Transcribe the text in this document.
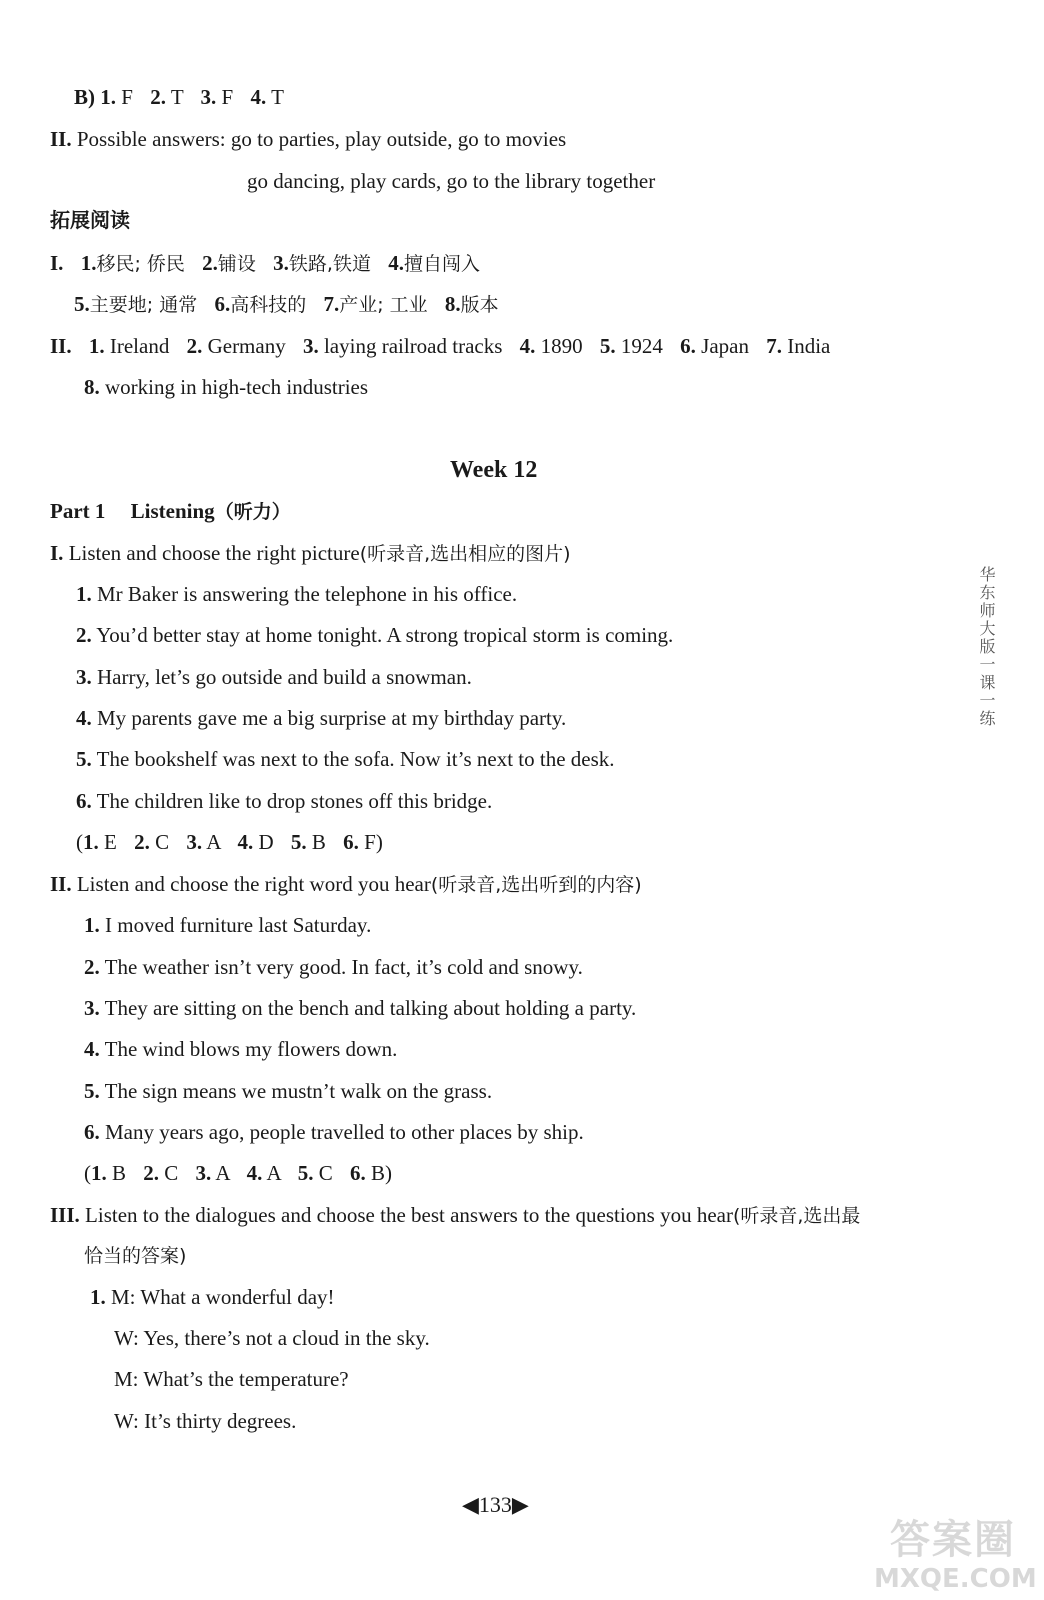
B) 1. F 2. T 3. F 4. T
II. Possible answers: go to parties, play outside, go to movies
go dancing, play cards, go to the library together
拓展阅读
I. 1.移民; 侨民 2.铺设 3.铁路,铁道 4.擅自闯入
5.主要地; 通常 6.高科技的 7.产业; 工业 8.版本
II. 1. Ireland 2. Germany 3. laying railroad tracks 4. 1890 5. 1924 6. Japan 7. India
8. working in high-tech industries
Week 12
Part 1 Listening（听力）
I. Listen and choose the right picture(听录音,选出相应的图片)
1. Mr Baker is answering the telephone in his office.
2. You’d better stay at home tonight. A strong tropical storm is coming.
3. Harry, let’s go outside and build a snowman.
4. My parents gave me a big surprise at my birthday party.
5. The bookshelf was next to the sofa. Now it’s next to the desk.
6. The children like to drop stones off this bridge.
(1. E 2. C 3. A 4. D 5. B 6. F)
II. Listen and choose the right word you hear(听录音,选出听到的内容)
1. I moved furniture last Saturday.
2. The weather isn’t very good. In fact, it’s cold and snowy.
3. They are sitting on the bench and talking about holding a party.
4. The wind blows my flowers down.
5. The sign means we mustn’t walk on the grass.
6. Many years ago, people travelled to other places by ship.
(1. B 2. C 3. A 4. A 5. C 6. B)
III. Listen to the dialogues and choose the best answers to the questions you hear(听录音,选出最
恰当的答案)
1. M: What a wonderful day!
W: Yes, there’s not a cloud in the sky.
M: What’s the temperature?
W: It’s thirty degrees.
华东师大版一课一练
◀133▶
答案圈
MXQE.COM
